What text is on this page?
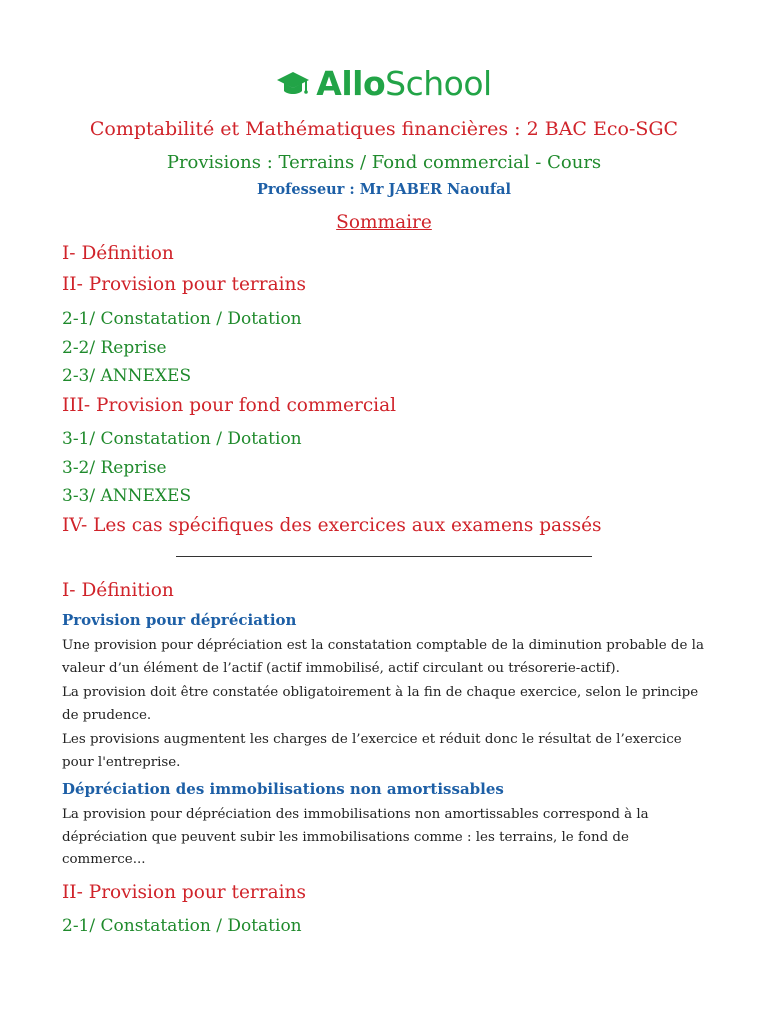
AlloSchool
Comptabilité et Mathématiques financières : 2 BAC Eco-SGC
Provisions : Terrains / Fond commercial - Cours
Professeur : Mr JABER Naoufal
Sommaire
I- Définition
II- Provision pour terrains
2-1/ Constatation / Dotation
2-2/ Reprise
2-3/ ANNEXES
III- Provision pour fond commercial
3-1/ Constatation / Dotation
3-2/ Reprise
3-3/ ANNEXES
IV- Les cas spécifiques des exercices aux examens passés
I- Définition
Provision pour dépréciation
Une provision pour dépréciation est la constatation comptable de la diminution probable de la valeur d’un élément de l’actif (actif immobilisé, actif circulant ou trésorerie-actif).
La provision doit être constatée obligatoirement à la fin de chaque exercice, selon le principe de prudence.
Les provisions augmentent les charges de l’exercice et réduit donc le résultat de l’exercice pour l'entreprise.
Dépréciation des immobilisations non amortissables
La provision pour dépréciation des immobilisations non amortissables correspond à la dépréciation que peuvent subir les immobilisations comme : les terrains, le fond de commerce...
II- Provision pour terrains
2-1/ Constatation / Dotation
